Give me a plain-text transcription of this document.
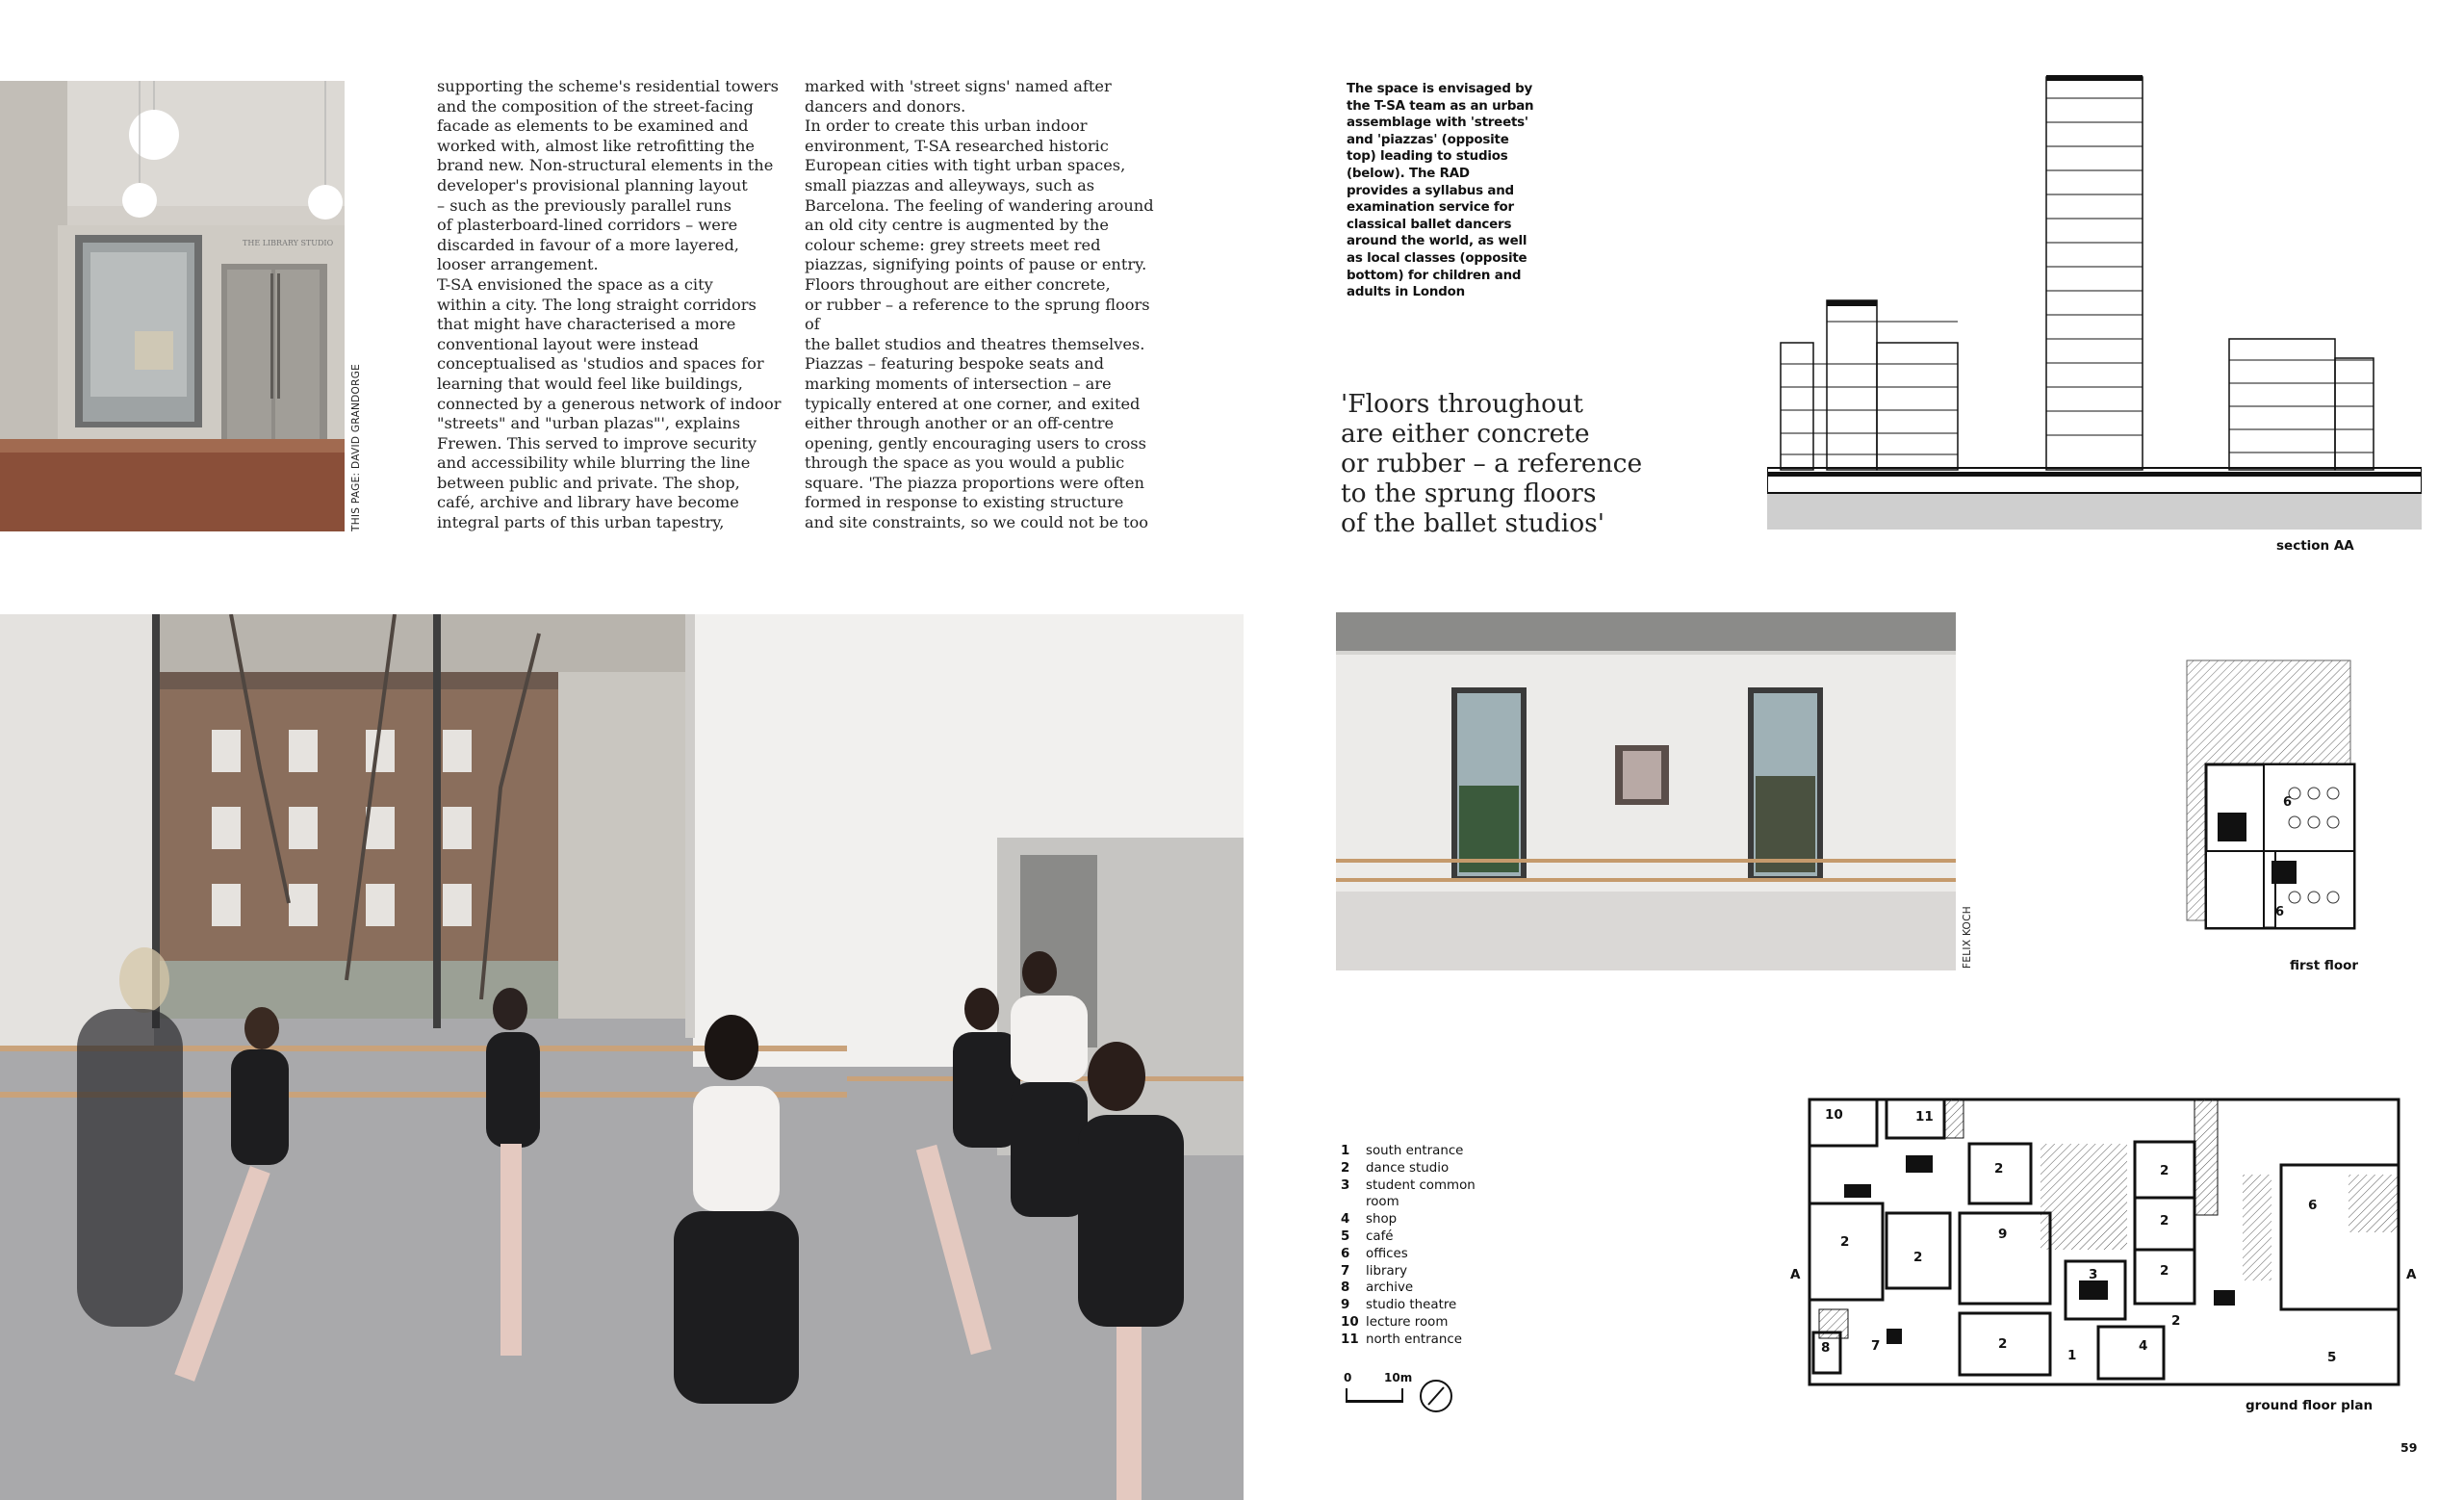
THE LIBRARY STUDIO
THIS PAGE: DAVID GRANDORGE
supporting the scheme's residential towers
and the composition of the street-facing
facade as elements to be examined and
worked with, almost like retrofitting the
brand new. Non-structural elements in the
developer's provisional planning layout
– such as the previously parallel runs
of plasterboard-lined corridors – were
discarded in favour of a more layered,
looser arrangement.
T-SA envisioned the space as a city
within a city. The long straight corridors
that might have characterised a more
conventional layout were instead
conceptualised as 'studios and spaces for
learning that would feel like buildings,
connected by a generous network of indoor
"streets" and "urban plazas"', explains
Frewen. This served to improve security
and accessibility while blurring the line
between public and private. The shop,
café, archive and library have become
integral parts of this urban tapestry,
marked with 'street signs' named after
dancers and donors.
In order to create this urban indoor
environment, T-SA researched historic
European cities with tight urban spaces,
small piazzas and alleyways, such as
Barcelona. The feeling of wandering around
an old city centre is augmented by the
colour scheme: grey streets meet red
piazzas, signifying points of pause or entry.
Floors throughout are either concrete,
or rubber – a reference to the sprung floors of
the ballet studios and theatres themselves.
Piazzas – featuring bespoke seats and
marking moments of intersection – are
typically entered at one corner, and exited
either through another or an off-centre
opening, gently encouraging users to cross
through the space as you would a public
square. 'The piazza proportions were often
formed in response to existing structure
and site constraints, so we could not be too
The space is envisaged by
the T-SA team as an urban
assemblage with 'streets'
and 'piazzas' (opposite
top) leading to studios
(below). The RAD
provides a syllabus and
examination service for
classical ballet dancers
around the world, as well
as local classes (opposite
bottom) for children and
adults in London
'Floors throughout
are either concrete
or rubber – a reference
to the sprung floors
of the ballet studios'
section AA
FELIX KOCH
6
6
first floor
1	south entrance
2	dance studio
3	student common
room
4	shop
5	café
6	offices
7	library
8	archive
9	studio theatre
10 lecture room
11 north entrance
0	10m
10	11
2
2
2
9
2
2
6
2
3
2	4
8	7
2
1	5
A	A
ground floor plan
59
